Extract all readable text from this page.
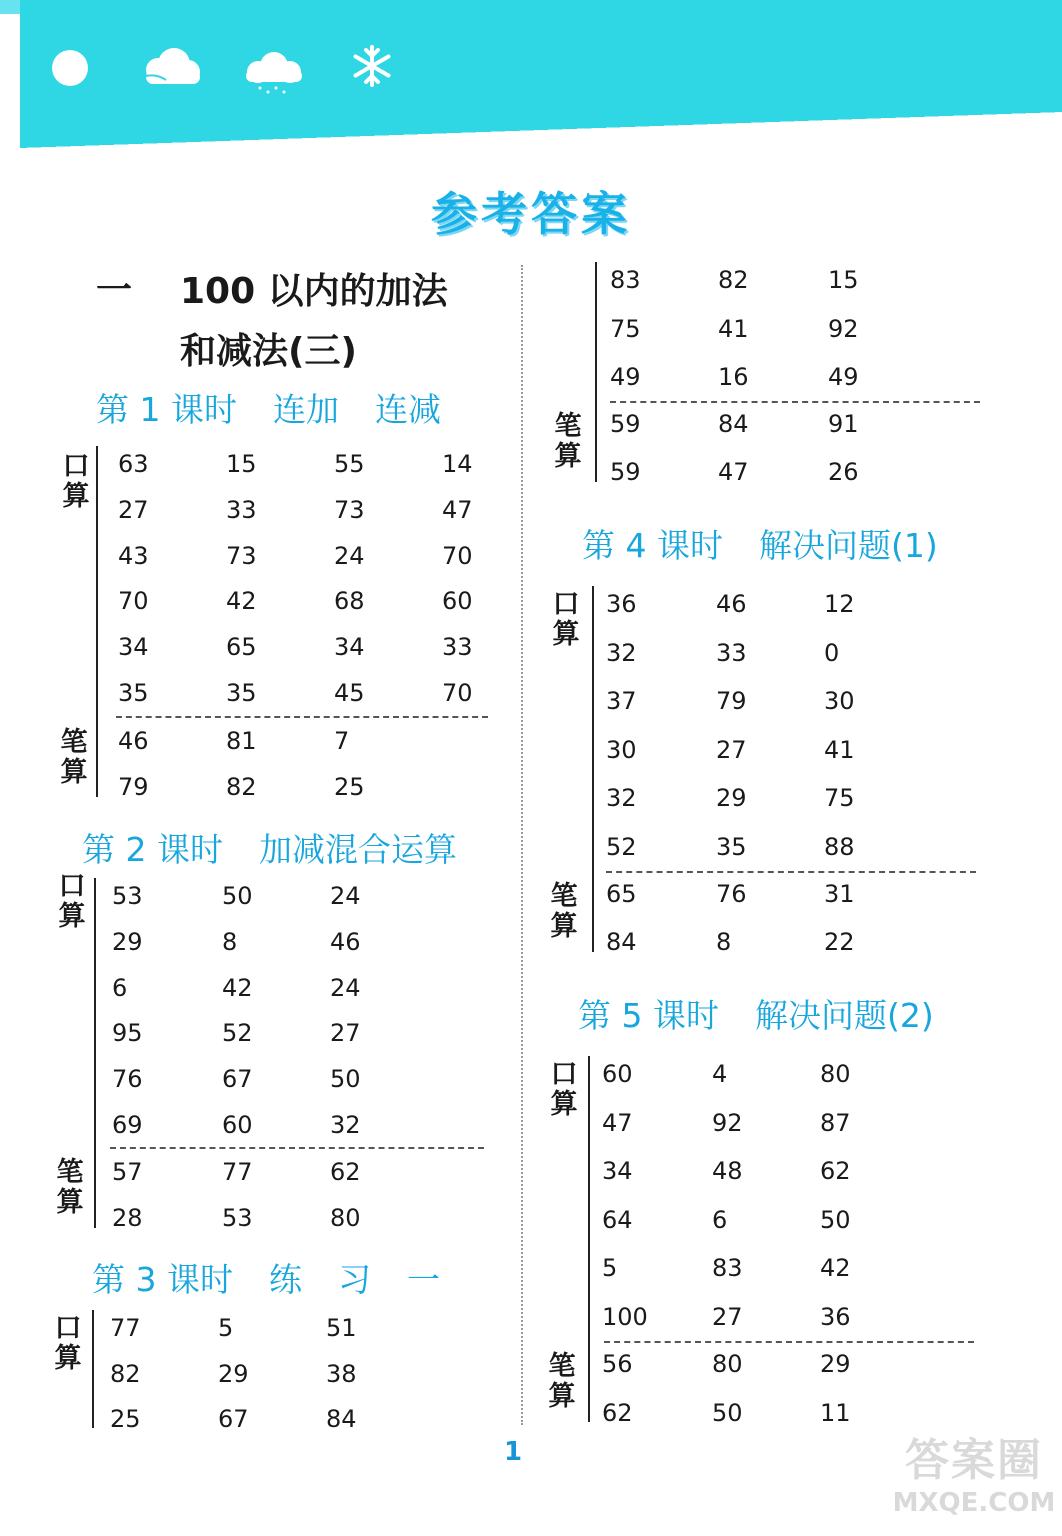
参考答案
一 100 以内的加法
和减法(三)
第 1 课时 连加 连减
第 2 课时 加减混合运算
第 3 课时 练 习 一
第 4 课时 解决问题(1)
第 5 课时 解决问题(2)
口
算
63	15	55	14
27	33	73	47
43	73	24	70
70	42	68	60
34	65	34	33
35	35	45	70
笔
算
46	81	7
79	82	25
口
算
53	50	24
29	8	46
6	42	24
95	52	27
76	67	50
69	60	32
笔
算
57	77	62
28	53	80
口
算
77	5	51
82	29	38
25	67	84
83	82	15
75	41	92
49	16	49
笔
算
59	84	91
59	47	26
口
算
36	46	12
32	33	0
37	79	30
30	27	41
32	29	75
52	35	88
笔
算
65	76	31
84	8	22
口
算
60	4	80
47	92	87
34	48	62
64	6	50
5	83	42
100	27	36
笔
算
56	80	29
62	50	11
1	答案圈
MXQE.COM
